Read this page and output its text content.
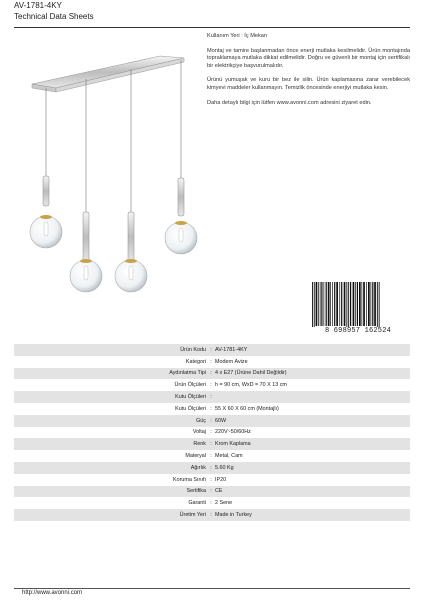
AV-1781-4KY
Technical Data Sheets

Kullanım Yeri : İç Mekan

Montaj ve tamire başlanmadan önce enerji mutlaka kesilmelidir. Ürün montajında topraklamaya mutlaka dikkat edilmelidir. Doğru ve güvenli bir montaj için sertifikalı bir elektrikçiye başvurulmalıdır.

Ürünü yumuşak ve kuru bir bez ile silin. Ürün kaplamasına zarar verebilecek kimyevi maddeler kullanmayın. Temizlik öncesinde enerjiyi mutlaka kesin.

Daha detaylı bilgi için lütfen www.avonni.com adresini ziyaret edin.

8 698957 162524
Ürün Kodu : AV-1781-4KY
Kategori : Modern Avize
Aydınlatma Tipi : 4 x E27 (Ürüne Dahil Değildir)
Ürün Ölçüleri : h = 90 cm, WxD = 70 X 13 cm
Kutu Ölçüleri :
Kutu Ölçüleri : 55 X 60 X 60 cm (Montajlı)
Güç : 60W
Voltaj : 220V~50/60Hz
Renk : Krom Kaplama
Materyal : Metal, Cam
Ağırlık : 5.60 Kg
Koruma Sınıfı : IP20
Sertifika : CE
Garanti : 2 Sene
Üretim Yeri : Made in Turkey
http://www.avonni.com
